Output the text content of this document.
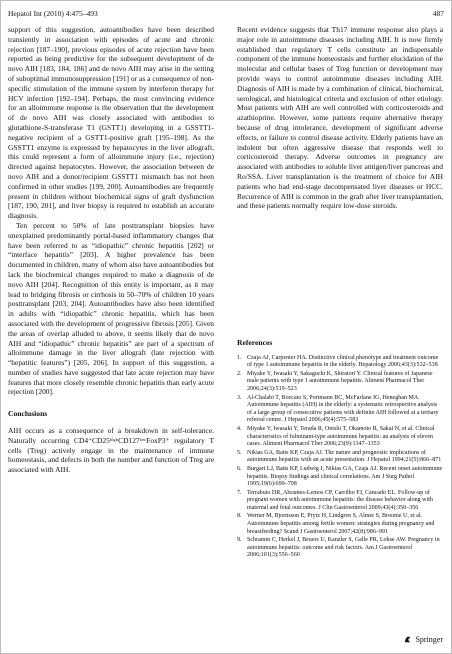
Hepatol Int (2010) 4:475–493	487

support of this suggestion, autoantibodies have been described transiently in association with episodes of acute and chronic rejection [187–190], previous episodes of acute rejection have been reported as being predictive for the subsequent development of de novo AIH [183, 184, 186] and de novo AIH may arise in the setting of suboptimal immunosuppression [191] or as a consequence of non-specific stimulation of the immune system by interferon therapy for HCV infection [192–194]. Perhaps, the most convincing evidence for an alloimmune response is the observation that the development of de novo AIH was closely associated with antibodies to glutathione-S-transferase T1 (GSTT1) developing in a GSSTT1-negative recipient of a GSTT1-positive graft [195–198]. As the GSSTT1 enzyme is expressed by hepatocytes in the liver allograft, this could represent a form of alloimmune injury (i.e., rejection) directed against hepatocytes. However, the association between de novo AIH and a donor/recipient GSSTT1 mismatch has not been confirmed in other studies [199, 200]. Autoantibodies are frequently present in children without biochemical signs of graft dysfunction [187, 190, 201], and liver biopsy is required to establish an accurate diagnosis.

Ten percent to 50% of late posttransplant biopsies have unexplained predominantly portal-based inflammatory changes that have been referred to as “idiopathic” chronic hepatitis [202] or “interface hepatitis” [203]. A higher prevalence has been documented in children, many of whom also have autoantibodies but lack the biochemical changes required to make a diagnosis of de novo AIH [204]. Recognition of this entity is important, as it may lead to bridging fibrosis or cirrhosis in 50–70% of children 10 years posttransplant [203, 204]. Autoantibodies have also been identified in adults with “idiopathic” chronic hepatitis, which has been associated with the development of progressive fibrosis [205]. Given the areas of overlap alluded to above, it seems likely that de novo AIH and “idiopathic” chronic hepatitis” are part of a spectrum of alloimmune damage in the liver allograft (late rejection with “hepatitic features”) [205, 206]. In support of this suggestion, a number of studies have suggested that late acute rejection may have features that more closely resemble chronic hepatitis than early acute rejection [200].

Conclusions

AIH occurs as a consequence of a breakdown in self-tolerance. Naturally occurring CD4⁺CD25ʰⁱᵍʰCD127ˡᵒʷFoxP3⁺ regulatory T cells (Treg) actively engage in the maintenance of immune homeostasis, and defects in both the number and function of Treg are associated with AIH.

Recent evidence suggests that Th17 immune response also plays a major role in autoimmune diseases including AIH. It is now firmly established that regulatory T cells constitute an indispensable component of the immune homeostasis and further elucidation of the molecular and cellular bases of Treg function or development may provide ways to control autoimmune diseases including AIH. Diagnosis of AIH is made by a combination of clinical, biochemical, serological, and histological criteria and exclusion of other etiology. Most patients with AIH are well controlled with corticosteroids and azathioprine. However, some patients require alternative therapy because of drug intolerance, development of significant adverse effects, or failure to control disease activity. Elderly patients have an indolent but often aggressive disease that responds well to corticosteroid therapy. Adverse outcomes in pregnancy are associated with antibodies to soluble liver antigen/liver pancreas and Ro/SSA. Liver transplantation is the treatment of choice for AIH patients who had end-stage decompensated liver diseases or HCC. Recurrence of AIH is common in the graft after liver transplantation, and these patients normally require low-dose steroids.

References
1. Czaja AJ, Carpenter HA. Distinctive clinical phenotype and treatment outcome of type 1 autoimmune hepatitis in the elderly. Hepatology 2006;43(3):532–538
2. Miyake Y, Iwasaki Y, Sakaguchi K, Shiratori Y. Clinical features of Japanese male patients with type 1 autoimmune hepatitis. Aliment Pharmacol Ther 2006;24(3):519–523
3. Al-Chalabi T, Boccato S, Portmann BC, McFarlane IG, Heneghan MA. Autoimmune hepatitis (AIH) in the elderly: a systematic retrospective analysis of a large group of consecutive patients with definite AIH followed at a tertiary referral centre. J Hepatol 2006;45(4):575–583
4. Miyake Y, Iwasaki Y, Terada R, Onishi T, Okamoto R, Sakai N, et al. Clinical characteristics of fulminant-type autoimmune hepatitis: an analysis of eleven cases. Aliment Pharmacol Ther 2006;23(9):1347–1353
5. Nikias GA, Batts KP, Czaja AJ. The nature and prognostic implications of autoimmune hepatitis with an acute presentation. J Hepatol 1994;21(5):866–871
6. Burgart LJ, Batts KP, Ludwig J, Nikias GA, Czaja AJ. Recent onset autoimmune hepatitis. Biopsy findings and clinical correlations. Am J Surg Pathol 1995;19(6):699–708
7. Terrabuio DR, Abrantes-Lemos CP, Carrilho FJ, Cancado EL. Follow-up of pregnant women with autoimmune hepatitis: the disease behavior along with maternal and fetal outcomes. J Clin Gastroenterol 2009;43(4):350–356
8. Werner M, Bjornsson E, Prytz H, Lindgren S, Almer S, Broome U, et al. Autoimmune hepatitis among fertile women: strategies during pregnancy and breastfeeding? Scand J Gastroenterol 2007;42(8):986–991
9. Schramm C, Herkel J, Beuers U, Kanzler S, Galle PR, Lohse AW. Pregnancy in autoimmune hepatitis: outcome and risk factors. Am J Gastroenterol 2006;101(3):556–560
Springer
